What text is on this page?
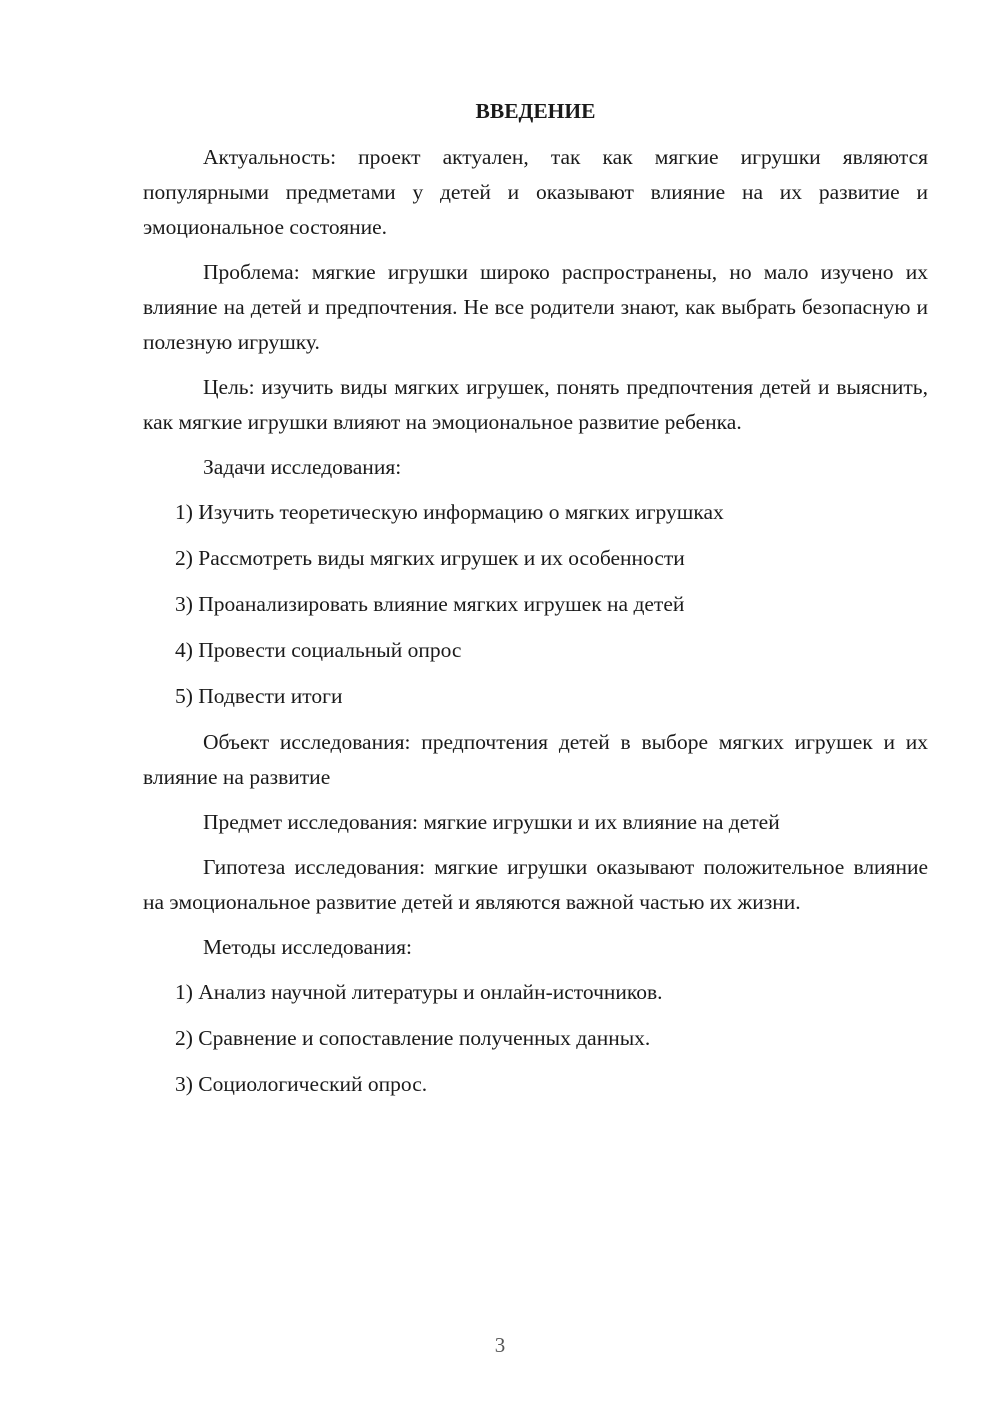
ВВЕДЕНИЕ
Актуальность: проект актуален, так как мягкие игрушки являются популярными предметами у детей и оказывают влияние на их развитие и эмоциональное состояние.
Проблема: мягкие игрушки широко распространены, но мало изучено их влияние на детей и предпочтения. Не все родители знают, как выбрать безопасную и полезную игрушку.
Цель: изучить виды мягких игрушек, понять предпочтения детей и выяснить, как мягкие игрушки влияют на эмоциональное развитие ребенка.
Задачи исследования:
1) Изучить теоретическую информацию о мягких игрушках
2) Рассмотреть виды мягких игрушек и их особенности
3) Проанализировать влияние мягких игрушек на детей
4) Провести социальный опрос
5) Подвести итоги
Объект исследования: предпочтения детей в выборе мягких игрушек и их влияние на развитие
Предмет исследования: мягкие игрушки и их влияние на детей
Гипотеза исследования: мягкие игрушки оказывают положительное влияние на эмоциональное развитие детей и являются важной частью их жизни.
Методы исследования:
1) Анализ научной литературы и онлайн-источников.
2) Сравнение и сопоставление полученных данных.
3) Социологический опрос.
3
